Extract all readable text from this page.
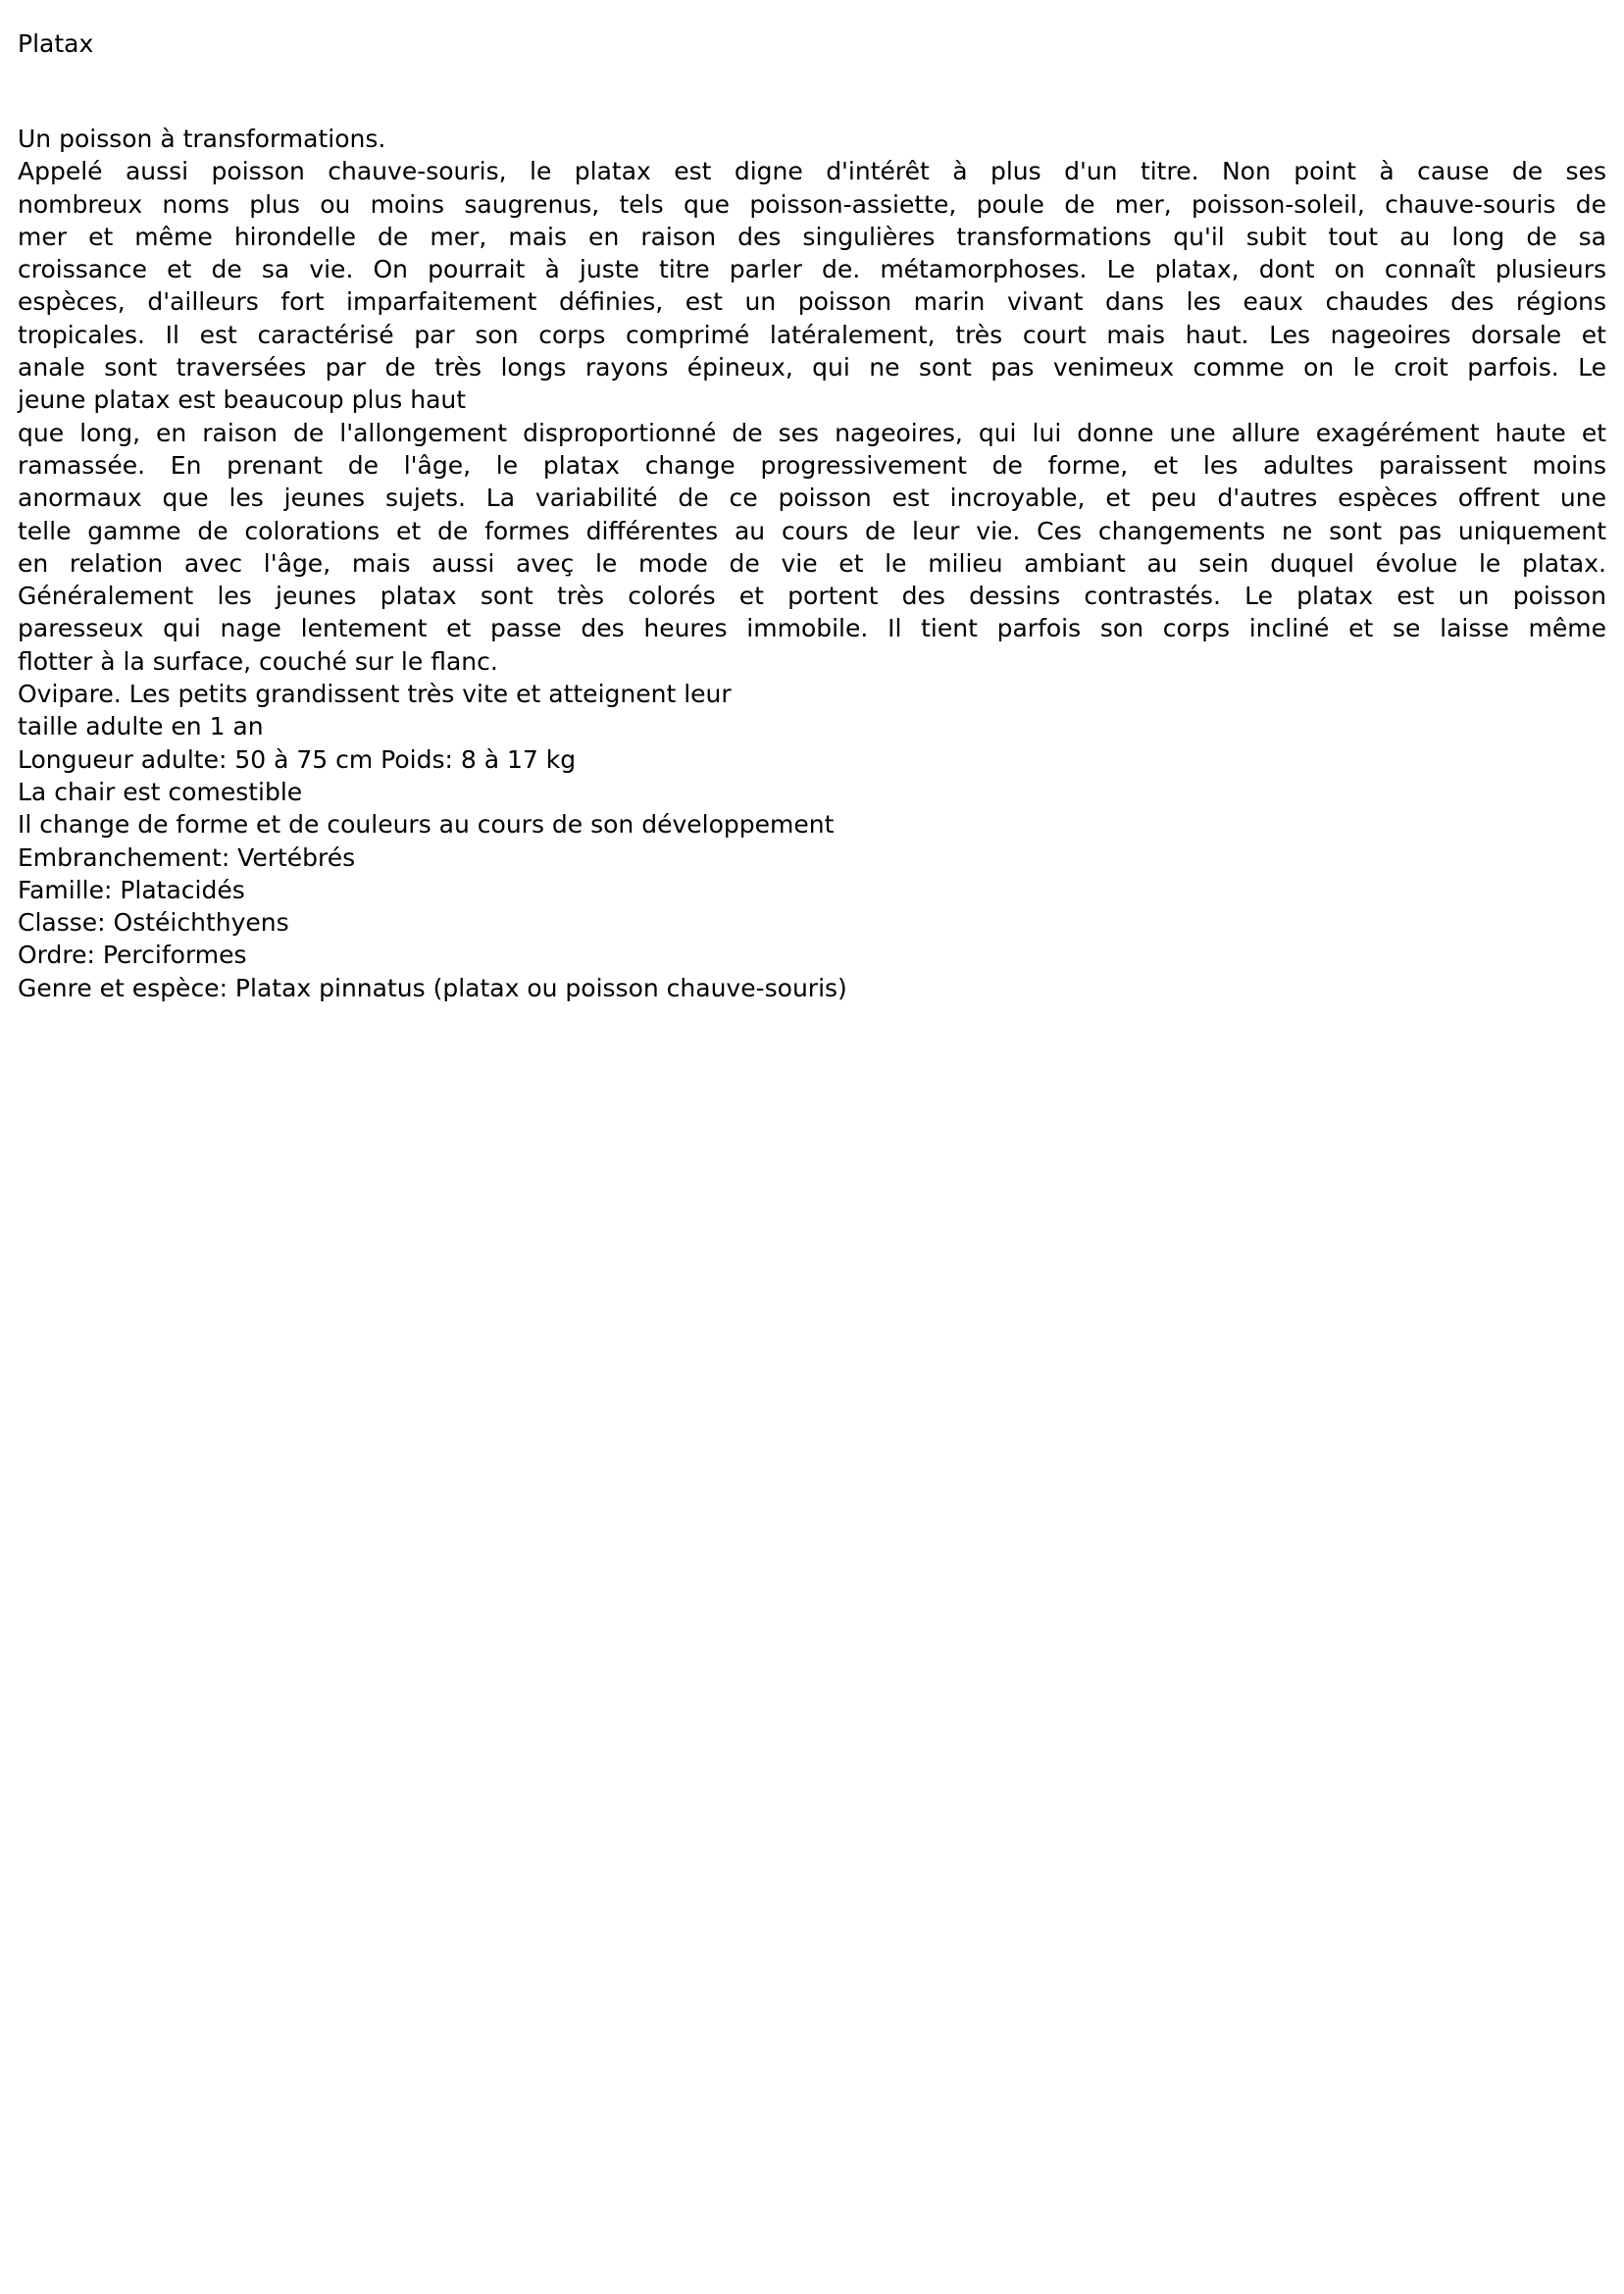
Platax
Un poisson à transformations.
Appelé aussi poisson chauve-souris, le platax est digne d'intérêt à plus d'un titre. Non point à cause de ses
nombreux noms plus ou moins saugrenus, tels que poisson-assiette, poule de mer, poisson-soleil, chauve-souris de
mer et même hirondelle de mer, mais en raison des singulières transformations qu'il subit tout au long de sa
croissance et de sa vie. On pourrait à juste titre parler de. métamorphoses. Le platax, dont on connaît plusieurs
espèces, d'ailleurs fort imparfaitement définies, est un poisson marin vivant dans les eaux chaudes des régions
tropicales. Il est caractérisé par son corps comprimé latéralement, très court mais haut. Les nageoires dorsale et
anale sont traversées par de très longs rayons épineux, qui ne sont pas venimeux comme on le croit parfois. Le
jeune platax est beaucoup plus haut
que long, en raison de l'allongement disproportionné de ses nageoires, qui lui donne une allure exagérément haute et
ramassée. En prenant de l'âge, le platax change progressivement de forme, et les adultes paraissent moins
anormaux que les jeunes sujets. La variabilité de ce poisson est incroyable, et peu d'autres espèces offrent une
telle gamme de colorations et de formes différentes au cours de leur vie. Ces changements ne sont pas uniquement
en relation avec l'âge, mais aussi aveç le mode de vie et le milieu ambiant au sein duquel évolue le platax.
Généralement les jeunes platax sont très colorés et portent des dessins contrastés. Le platax est un poisson
paresseux qui nage lentement et passe des heures immobile. Il tient parfois son corps incliné et se laisse même
flotter à la surface, couché sur le flanc.
Ovipare. Les petits grandissent très vite et atteignent leur
taille adulte en 1 an
Longueur adulte: 50 à 75 cm Poids: 8 à 17 kg
La chair est comestible
Il change de forme et de couleurs au cours de son développement
Embranchement: Vertébrés
Famille: Platacidés
Classe: Ostéichthyens
Ordre: Perciformes
Genre et espèce: Platax pinnatus (platax ou poisson chauve-souris)
